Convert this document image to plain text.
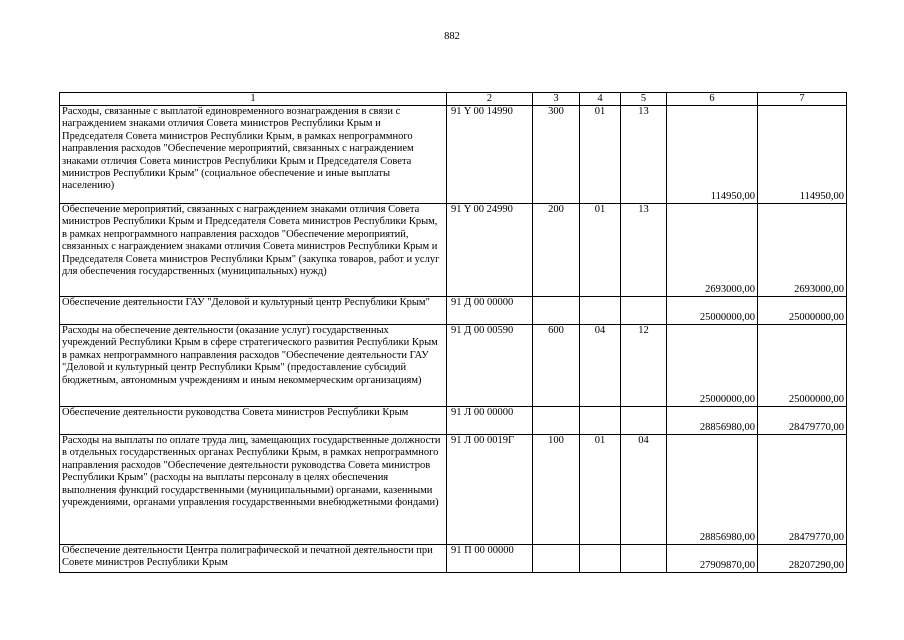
882
1	2	3	4	5	6	7
Расходы, связанные с выплатой единовременного вознаграждения в связи с награждением знаками отличия Совета министров Республики Крым и Председателя Совета министров Республики Крым, в рамках непрограммного направления расходов "Обеспечение мероприятий, связанных с награждением знаками отличия Совета министров Республики Крым и Председателя Совета министров Республики Крым" (социальное обеспечение и иные выплаты населению)	91 Y 00 14990	300	01	13	114950,00	114950,00
Обеспечение мероприятий, связанных с награждением знаками отличия Совета министров Республики Крым и Председателя Совета министров Республики Крым, в рамках непрограммного направления расходов "Обеспечение мероприятий, связанных с награждением знаками отличия Совета министров Республики Крым и Председателя Совета министров Республики Крым" (закупка товаров, работ и услуг для обеспечения государственных (муниципальных) нужд)	91 Y 00 24990	200	01	13	2693000,00	2693000,00
Обеспечение деятельности ГАУ "Деловой и культурный центр Республики Крым"	91 Д 00 00000				25000000,00	25000000,00
Расходы на обеспечение деятельности (оказание услуг) государственных учреждений Республики Крым в сфере стратегического развития Республики Крым в рамках непрограммного направления расходов "Обеспечение деятельности ГАУ "Деловой и культурный центр Республики Крым" (предоставление субсидий бюджетным, автономным учреждениям и иным некоммерческим организациям)	91 Д 00 00590	600	04	12	25000000,00	25000000,00
Обеспечение деятельности руководства Совета министров Республики Крым	91 Л 00 00000				28856980,00	28479770,00
Расходы на выплаты по оплате труда лиц, замещающих государственные должности в отдельных государственных органах Республики Крым, в рамках непрограммного направления расходов "Обеспечение деятельности руководства Совета министров Республики Крым" (расходы на выплаты персоналу в целях обеспечения выполнения функций государственными (муниципальными) органами, казенными учреждениями, органами управления государственными внебюджетными фондами)	91 Л 00 0019Г	100	01	04	28856980,00	28479770,00
Обеспечение деятельности Центра полиграфической и печатной деятельности при Совете министров Республики Крым	91 П 00 00000				27909870,00	28207290,00
